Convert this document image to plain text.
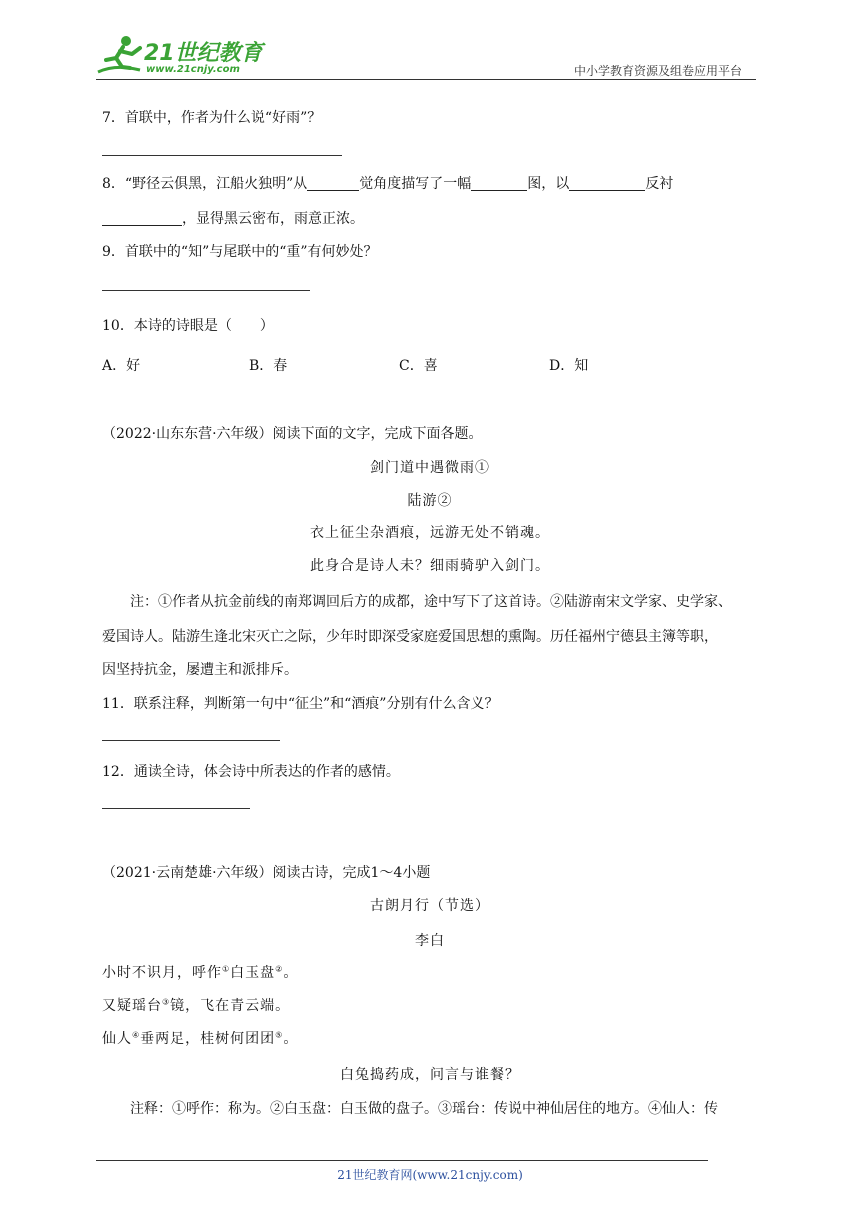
21世纪教育
www.21cnjy.com	中小学教育资源及组卷应用平台
7．首联中，作者为什么说“好雨”？
8．“野径云俱黑，江船火独明”从	觉角度描写了一幅	图，以	反衬
，显得黑云密布，雨意正浓。
9．首联中的“知”与尾联中的“重”有何妙处？
10．本诗的诗眼是（　　）
A．好	B．春	C．喜	D．知
（2022·山东东营·六年级）阅读下面的文字，完成下面各题。
剑门道中遇微雨①
陆游②
衣上征尘杂酒痕，远游无处不销魂。
此身合是诗人未？细雨骑驴入剑门。
注：①作者从抗金前线的南郑调回后方的成都，途中写下了这首诗。②陆游南宋文学家、史学家、
爱国诗人。陆游生逢北宋灭亡之际，少年时即深受家庭爱国思想的熏陶。历任福州宁德县主簿等职，
因坚持抗金，屡遭主和派排斥。
11．联系注释，判断第一句中“征尘”和“酒痕”分别有什么含义？
12．通读全诗，体会诗中所表达的作者的感情。
（2021·云南楚雄·六年级）阅读古诗，完成1～4小题
古朗月行（节选）
李白
小时不识月，呼作①白玉盘②。
又疑瑶台③镜，飞在青云端。
仙人④垂两足，桂树何团团⑤。
白兔捣药成，问言与谁餐？
注释：①呼作：称为。②白玉盘：白玉做的盘子。③瑶台：传说中神仙居住的地方。④仙人：传
21世纪教育网(www.21cnjy.com)
